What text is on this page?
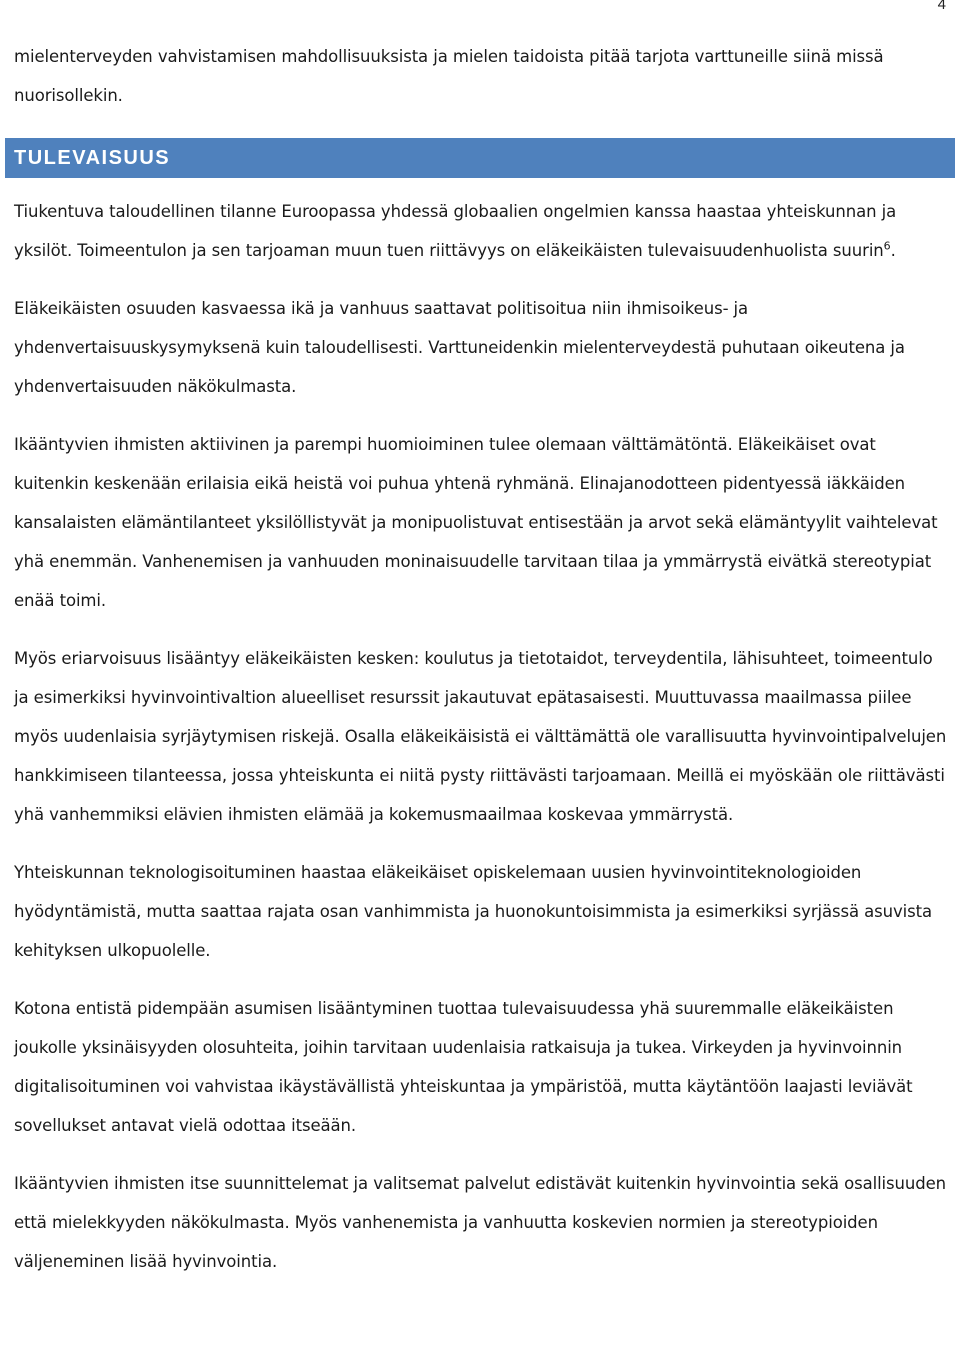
4

mielenterveyden vahvistamisen mahdollisuuksista ja mielen taidoista pitää tarjota varttuneille siinä missä nuorisollekin.

TULEVAISUUS

Tiukentuva taloudellinen tilanne Euroopassa yhdessä globaalien ongelmien kanssa haastaa yhteiskunnan ja yksilöt. Toimeentulon ja sen tarjoaman muun tuen riittävyys on eläkeikäisten tulevaisuudenhuolista suurin$^6$.

Eläkeikäisten osuuden kasvaessa ikä ja vanhuus saattavat politisoitua niin ihmisoikeus- ja yhdenvertaisuuskysymyksenä kuin taloudellisesti. Varttuneidenkin mielenterveydestä puhutaan oikeutena ja yhdenvertaisuuden näkökulmasta.

Ikääntyvien ihmisten aktiivinen ja parempi huomioiminen tulee olemaan välttämätöntä. Eläkeikäiset ovat kuitenkin keskenään erilaisia eikä heistä voi puhua yhtenä ryhmänä. Elinajanodotteen pidentyessä iäkkäiden kansalaisten elämäntilanteet yksilöllistyvät ja monipuolistuvat entisestään ja arvot sekä elämäntyylit vaihtelevat yhä enemmän. Vanhenemisen ja vanhuuden moninaisuudelle tarvitaan tilaa ja ymmärrystä eivätkä stereotypiat enää toimi.

Myös eriarvoisuus lisääntyy eläkeikäisten kesken: koulutus ja tietotaidot, terveydentila, lähisuhteet, toimeentulo ja esimerkiksi hyvinvointivaltion alueelliset resurssit jakautuvat epätasaisesti. Muuttuvassa maailmassa piilee myös uudenlaisia syrjäytymisen riskejä. Osalla eläkeikäisistä ei välttämättä ole varallisuutta hyvinvointipalvelujen hankkimiseen tilanteessa, jossa yhteiskunta ei niitä pysty riittävästi tarjoamaan. Meillä ei myöskään ole riittävästi yhä vanhemmiksi elävien ihmisten elämää ja kokemusmaailmaa koskevaa ymmärrystä.

Yhteiskunnan teknologisoituminen haastaa eläkeikäiset opiskelemaan uusien hyvinvointiteknologioiden hyödyntämistä, mutta saattaa rajata osan vanhimmista ja huonokuntoisimmista ja esimerkiksi syrjässä asuvista kehityksen ulkopuolelle.

Kotona entistä pidempään asumisen lisääntyminen tuottaa tulevaisuudessa yhä suuremmalle eläkeikäisten joukolle yksinäisyyden olosuhteita, joihin tarvitaan uudenlaisia ratkaisuja ja tukea. Virkeyden ja hyvinvoinnin digitalisoituminen voi vahvistaa ikäystävällistä yhteiskuntaa ja ympäristöä, mutta käytäntöön laajasti leviävät sovellukset antavat vielä odottaa itseään.

Ikääntyvien ihmisten itse suunnittelemat ja valitsemat palvelut edistävät kuitenkin hyvinvointia sekä osallisuuden että mielekkyyden näkökulmasta. Myös vanhenemista ja vanhuutta koskevien normien ja stereotypioiden väljeneminen lisää hyvinvointia.
